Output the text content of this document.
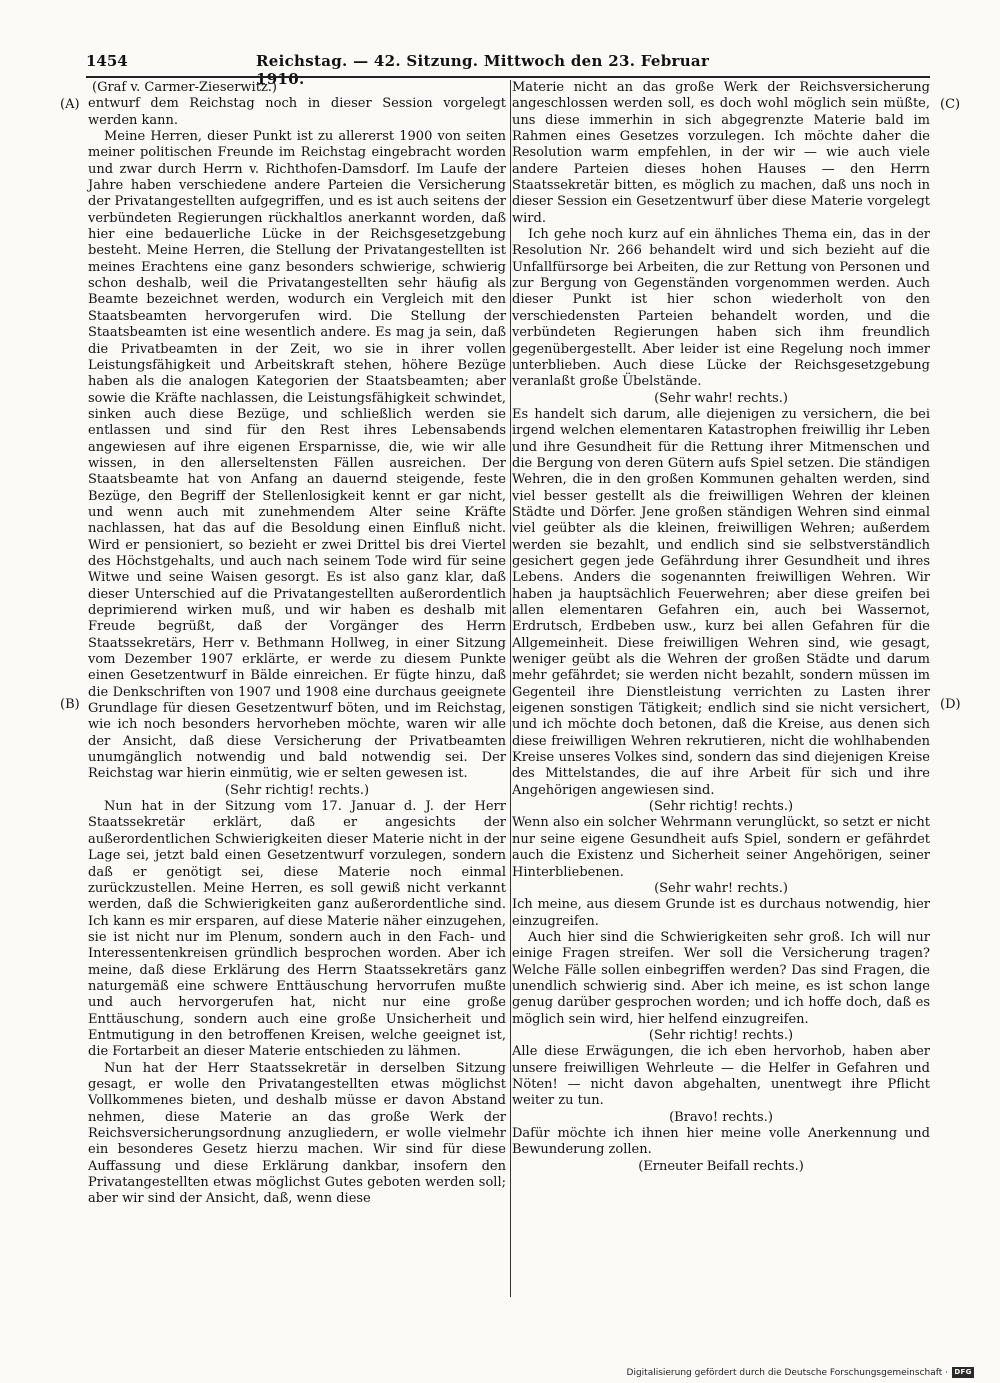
1454	Reichstag. — 42. Sitzung. Mittwoch den 23. Februar 1910.
(A)
(B)
(C)
(D)

(Graf v. Carmer-Zieserwitz.)

entwurf dem Reichstag noch in dieser Session vorgelegt werden kann.

Meine Herren, dieser Punkt ist zu allererst 1900 von seiten meiner politischen Freunde im Reichstag eingebracht worden und zwar durch Herrn v. Richthofen-Damsdorf. Im Laufe der Jahre haben verschiedene andere Parteien die Versicherung der Privatangestellten aufgegriffen, und es ist auch seitens der verbündeten Regierungen rückhaltlos anerkannt worden, daß hier eine bedauerliche Lücke in der Reichsgesetzgebung besteht. Meine Herren, die Stellung der Privatangestellten ist meines Erachtens eine ganz besonders schwierige, schwierig schon deshalb, weil die Privatangestellten sehr häufig als Beamte bezeichnet werden, wodurch ein Vergleich mit den Staatsbeamten hervorgerufen wird. Die Stellung der Staatsbeamten ist eine wesentlich andere. Es mag ja sein, daß die Privatbeamten in der Zeit, wo sie in ihrer vollen Leistungsfähigkeit und Arbeitskraft stehen, höhere Bezüge haben als die analogen Kategorien der Staatsbeamten; aber sowie die Kräfte nachlassen, die Leistungsfähigkeit schwindet, sinken auch diese Bezüge, und schließlich werden sie entlassen und sind für den Rest ihres Lebensabends angewiesen auf ihre eigenen Ersparnisse, die, wie wir alle wissen, in den allerseltensten Fällen ausreichen. Der Staatsbeamte hat von Anfang an dauernd steigende, feste Bezüge, den Begriff der Stellenlosigkeit kennt er gar nicht, und wenn auch mit zunehmendem Alter seine Kräfte nachlassen, hat das auf die Besoldung einen Einfluß nicht. Wird er pensioniert, so bezieht er zwei Drittel bis drei Viertel des Höchstgehalts, und auch nach seinem Tode wird für seine Witwe und seine Waisen gesorgt. Es ist also ganz klar, daß dieser Unterschied auf die Privatangestellten außerordentlich deprimierend wirken muß, und wir haben es deshalb mit Freude begrüßt, daß der Vorgänger des Herrn Staatssekretärs, Herr v. Bethmann Hollweg, in einer Sitzung vom Dezember 1907 erklärte, er werde zu diesem Punkte einen Gesetzentwurf in Bälde einreichen. Er fügte hinzu, daß die Denkschriften von 1907 und 1908 eine durchaus geeignete Grundlage für diesen Gesetzentwurf böten, und im Reichstag, wie ich noch besonders hervorheben möchte, waren wir alle der Ansicht, daß diese Versicherung der Privatbeamten unumgänglich notwendig und bald notwendig sei. Der Reichstag war hierin einmütig, wie er selten gewesen ist.

(Sehr richtig! rechts.)

Nun hat in der Sitzung vom 17. Januar d. J. der Herr Staatssekretär erklärt, daß er angesichts der außerordentlichen Schwierigkeiten dieser Materie nicht in der Lage sei, jetzt bald einen Gesetzentwurf vorzulegen, sondern daß er genötigt sei, diese Materie noch einmal zurückzustellen. Meine Herren, es soll gewiß nicht verkannt werden, daß die Schwierigkeiten ganz außerordentliche sind. Ich kann es mir ersparen, auf diese Materie näher einzugehen, sie ist nicht nur im Plenum, sondern auch in den Fach- und Interessentenkreisen gründlich besprochen worden. Aber ich meine, daß diese Erklärung des Herrn Staatssekretärs ganz naturgemäß eine schwere Enttäuschung hervorrufen mußte und auch hervorgerufen hat, nicht nur eine große Enttäuschung, sondern auch eine große Unsicherheit und Entmutigung in den betroffenen Kreisen, welche geeignet ist, die Fortarbeit an dieser Materie entschieden zu lähmen.

Nun hat der Herr Staatssekretär in derselben Sitzung gesagt, er wolle den Privatangestellten etwas möglichst Vollkommenes bieten, und deshalb müsse er davon Abstand nehmen, diese Materie an das große Werk der Reichsversicherungsordnung anzugliedern, er wolle vielmehr ein besonderes Gesetz hierzu machen. Wir sind für diese Auffassung und diese Erklärung dankbar, insofern den Privatangestellten etwas möglichst Gutes geboten werden soll; aber wir sind der Ansicht, daß, wenn diese

Materie nicht an das große Werk der Reichsversicherung angeschlossen werden soll, es doch wohl möglich sein müßte, uns diese immerhin in sich abgegrenzte Materie bald im Rahmen eines Gesetzes vorzulegen. Ich möchte daher die Resolution warm empfehlen, in der wir — wie auch viele andere Parteien dieses hohen Hauses — den Herrn Staatssekretär bitten, es möglich zu machen, daß uns noch in dieser Session ein Gesetzentwurf über diese Materie vorgelegt wird.

Ich gehe noch kurz auf ein ähnliches Thema ein, das in der Resolution Nr. 266 behandelt wird und sich bezieht auf die Unfallfürsorge bei Arbeiten, die zur Rettung von Personen und zur Bergung von Gegenständen vorgenommen werden. Auch dieser Punkt ist hier schon wiederholt von den verschiedensten Parteien behandelt worden, und die verbündeten Regierungen haben sich ihm freundlich gegenübergestellt. Aber leider ist eine Regelung noch immer unterblieben. Auch diese Lücke der Reichsgesetzgebung veranlaßt große Übelstände.

(Sehr wahr! rechts.)

Es handelt sich darum, alle diejenigen zu versichern, die bei irgend welchen elementaren Katastrophen freiwillig ihr Leben und ihre Gesundheit für die Rettung ihrer Mitmenschen und die Bergung von deren Gütern aufs Spiel setzen. Die ständigen Wehren, die in den großen Kommunen gehalten werden, sind viel besser gestellt als die freiwilligen Wehren der kleinen Städte und Dörfer. Jene großen ständigen Wehren sind einmal viel geübter als die kleinen, freiwilligen Wehren; außerdem werden sie bezahlt, und endlich sind sie selbstverständlich gesichert gegen jede Gefährdung ihrer Gesundheit und ihres Lebens. Anders die sogenannten freiwilligen Wehren. Wir haben ja hauptsächlich Feuerwehren; aber diese greifen bei allen elementaren Gefahren ein, auch bei Wassernot, Erdrutsch, Erdbeben usw., kurz bei allen Gefahren für die Allgemeinheit. Diese freiwilligen Wehren sind, wie gesagt, weniger geübt als die Wehren der großen Städte und darum mehr gefährdet; sie werden nicht bezahlt, sondern müssen im Gegenteil ihre Dienstleistung verrichten zu Lasten ihrer eigenen sonstigen Tätigkeit; endlich sind sie nicht versichert, und ich möchte doch betonen, daß die Kreise, aus denen sich diese freiwilligen Wehren rekrutieren, nicht die wohlhabenden Kreise unseres Volkes sind, sondern das sind diejenigen Kreise des Mittelstandes, die auf ihre Arbeit für sich und ihre Angehörigen angewiesen sind.

(Sehr richtig! rechts.)

Wenn also ein solcher Wehrmann verunglückt, so setzt er nicht nur seine eigene Gesundheit aufs Spiel, sondern er gefährdet auch die Existenz und Sicherheit seiner Angehörigen, seiner Hinterbliebenen.

(Sehr wahr! rechts.)

Ich meine, aus diesem Grunde ist es durchaus notwendig, hier einzugreifen.

Auch hier sind die Schwierigkeiten sehr groß. Ich will nur einige Fragen streifen. Wer soll die Versicherung tragen? Welche Fälle sollen einbegriffen werden? Das sind Fragen, die unendlich schwierig sind. Aber ich meine, es ist schon lange genug darüber gesprochen worden; und ich hoffe doch, daß es möglich sein wird, hier helfend einzugreifen.

(Sehr richtig! rechts.)

Alle diese Erwägungen, die ich eben hervorhob, haben aber unsere freiwilligen Wehrleute — die Helfer in Gefahren und Nöten! — nicht davon abgehalten, unentwegt ihre Pflicht weiter zu tun.

(Bravo! rechts.)

Dafür möchte ich ihnen hier meine volle Anerkennung und Bewunderung zollen.

(Erneuter Beifall rechts.)

Digitalisierung gefördert durch die Deutsche Forschungsgemeinschaft · DFG
